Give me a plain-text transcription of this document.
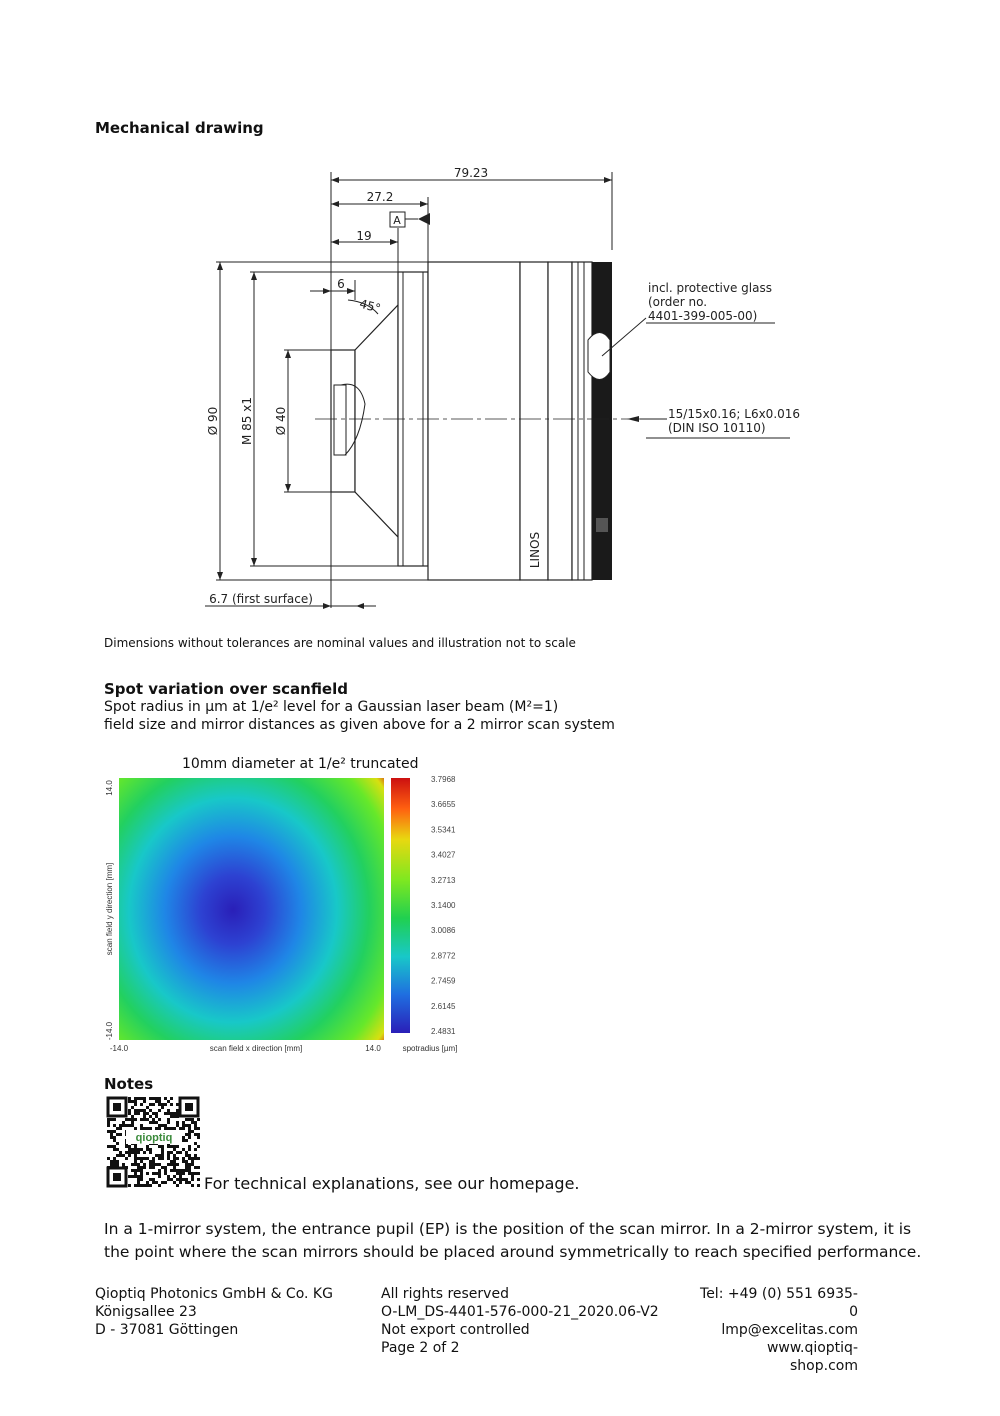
Mechanical drawing
79.23
27.2
19
6
45°
A
Ø 90 M 85 x1 Ø 40
6.7 (first surface)
LINOS
incl. protective glass
(order no.
4401-399-005-00)
15/15x0.16; L6x0.016
(DIN ISO 10110)
Dimensions without tolerances are nominal values and illustration not to scale
Spot variation over scanfield
Spot radius in µm at 1/e² level for a Gaussian laser beam (M²=1)
field size and mirror distances as given above for a 2 mirror scan system
10mm diameter at 1/e² truncated
-14.0	14.0
scan field x direction [mm]
14.0
-14.0
scan field y direction [mm]
spotradius [µm]
3.7968
3.6655
3.5341
3.4027
3.2713
3.1400
3.0086
2.8772
2.7459
2.6145
2.4831
Notes
qioptiq
For technical explanations, see our homepage.
In a 1-mirror system, the entrance pupil (EP) is the position of the scan mirror. In a 2-mirror system, it is
the point where the scan mirrors should be placed around symmetrically to reach specified performance.
Qioptiq Photonics GmbH & Co. KG
Königsallee 23
D - 37081 Göttingen
All rights reserved
O-LM_DS-4401-576-000-21_2020.06-V2
Not export controlled
Page 2 of 2
Tel: +49 (0) 551 6935-0
lmp@excelitas.com
www.qioptiq-shop.com
